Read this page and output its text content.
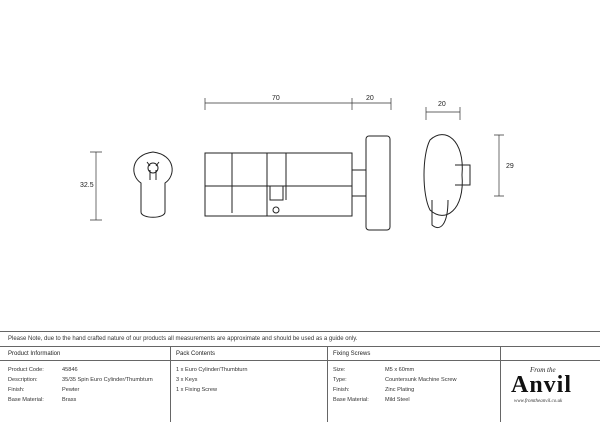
70	20
20
29
32.5
Please Note, due to the hand crafted nature of our products all measurements are approximate and should be used as a guide only.
Product Information
Product Code:	45846
Description:	35/35 Spin Euro Cylinder/Thumbturn
Finish:	Pewter
Base Material:	Brass
Pack Contents
1 x Euro Cylinder/Thumbturn
3 x Keys
1 x Fixing Screw
Fixing Screws
Size:	M5 x 60mm
Type:	Countersunk Machine Screw
Finish:	Zinc Plating
Base Material:	Mild Steel
From the
Anvil
www.fromtheanvil.co.uk
